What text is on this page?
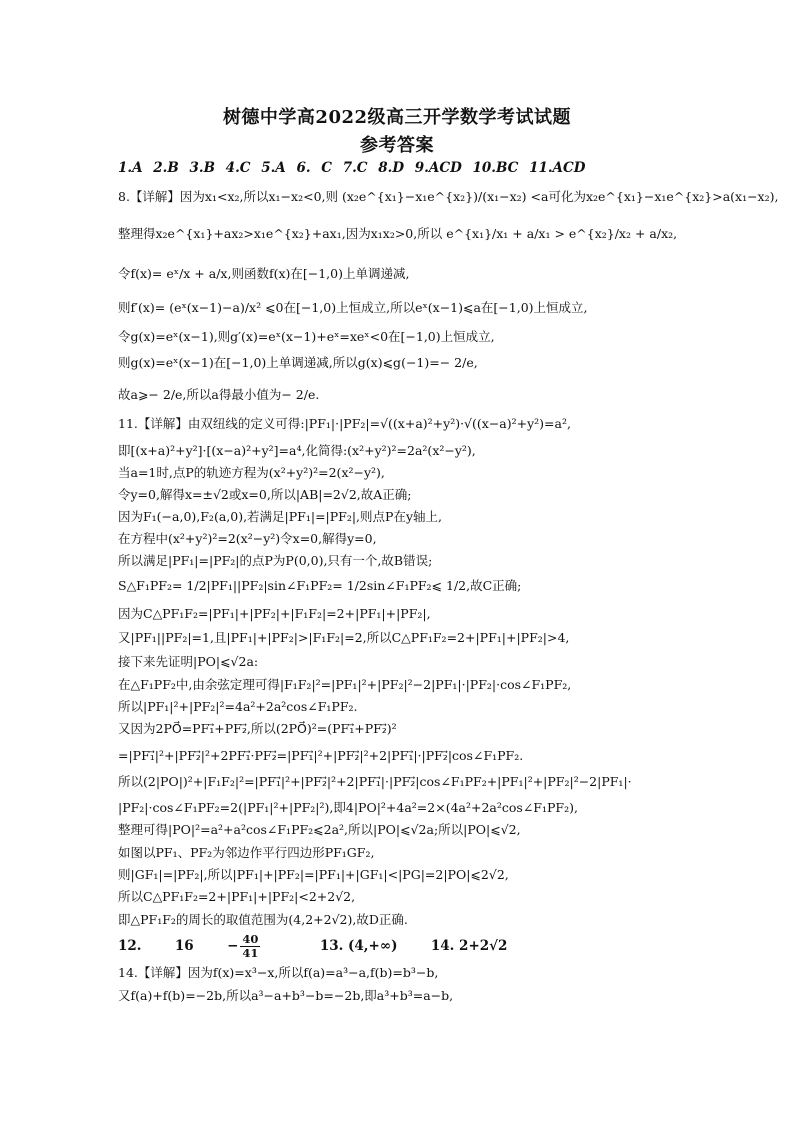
树德中学高2022级高三开学数学考试试题
参考答案
1.A 2.B 3.B 4.C 5.A 6. C 7.C 8.D 9.ACD 10.BC 11.ACD
8.【详解】因为x₁<x₂,所以x₁−x₂<0,则 (x₂e^{x₁}−x₁e^{x₂})/(x₁−x₂) <a可化为x₂e^{x₁}−x₁e^{x₂}>a(x₁−x₂),
整理得x₂e^{x₁}+ax₂>x₁e^{x₂}+ax₁,因为x₁x₂>0,所以 e^{x₁}/x₁ + a/x₁ > e^{x₂}/x₂ + a/x₂,
令f(x)= eˣ/x + a/x,则函数f(x)在[−1,0)上单调递减,
则f′(x)= (eˣ(x−1)−a)/x² ⩽0在[−1,0)上恒成立,所以eˣ(x−1)⩽a在[−1,0)上恒成立,
令g(x)=eˣ(x−1),则g′(x)=eˣ(x−1)+eˣ=xeˣ<0在[−1,0)上恒成立,
则g(x)=eˣ(x−1)在[−1,0)上单调递减,所以g(x)⩽g(−1)=− 2/e,
故a⩾− 2/e,所以a得最小值为− 2/e.
11.【详解】由双纽线的定义可得:|PF₁|·|PF₂|=√((x+a)²+y²)·√((x−a)²+y²)=a²,
即[(x+a)²+y²]·[(x−a)²+y²]=a⁴,化简得:(x²+y²)²=2a²(x²−y²),
当a=1时,点P的轨迹方程为(x²+y²)²=2(x²−y²),
令y=0,解得x=±√2或x=0,所以|AB|=2√2,故A正确;
因为F₁(−a,0),F₂(a,0),若满足|PF₁|=|PF₂|,则点P在y轴上,
在方程中(x²+y²)²=2(x²−y²)令x=0,解得y=0,
所以满足|PF₁|=|PF₂|的点P为P(0,0),只有一个,故B错误;
S△F₁PF₂= 1/2|PF₁||PF₂|sin∠F₁PF₂= 1/2sin∠F₁PF₂⩽ 1/2,故C正确;
因为C△PF₁F₂=|PF₁|+|PF₂|+|F₁F₂|=2+|PF₁|+|PF₂|,
又|PF₁||PF₂|=1,且|PF₁|+|PF₂|>|F₁F₂|=2,所以C△PF₁F₂=2+|PF₁|+|PF₂|>4,
接下来先证明|PO|⩽√2a:
在△F₁PF₂中,由余弦定理可得|F₁F₂|²=|PF₁|²+|PF₂|²−2|PF₁|·|PF₂|·cos∠F₁PF₂,
所以|PF₁|²+|PF₂|²=4a²+2a²cos∠F₁PF₂.
又因为2PO⃗=PF₁⃗+PF₂⃗,所以(2PO⃗)²=(PF₁⃗+PF₂⃗)²
=|PF₁⃗|²+|PF₂⃗|²+2PF₁⃗·PF₂⃗=|PF₁⃗|²+|PF₂⃗|²+2|PF₁⃗|·|PF₂⃗|cos∠F₁PF₂.
所以(2|PO|)²+|F₁F₂|²=|PF₁⃗|²+|PF₂⃗|²+2|PF₁⃗|·|PF₂⃗|cos∠F₁PF₂+|PF₁|²+|PF₂|²−2|PF₁|·
|PF₂|·cos∠F₁PF₂=2(|PF₁|²+|PF₂|²),即4|PO|²+4a²=2×(4a²+2a²cos∠F₁PF₂),
整理可得|PO|²=a²+a²cos∠F₁PF₂⩽2a²,所以|PO|⩽√2a;所以|PO|⩽√2,
如图以PF₁、PF₂为邻边作平行四边形PF₁GF₂,
则|GF₁|=|PF₂|,所以|PF₁|+|PF₂|=|PF₁|+|GF₁|<|PG|=2|PO|⩽2√2,
所以C△PF₁F₂=2+|PF₁|+|PF₂|<2+2√2,
即△PF₁F₂的周长的取值范围为(4,2+2√2),故D正确.
12. $16 - \frac{40}{41}$	13. (4,+∞) 14. 2+2√2
14.【详解】因为f(x)=x³−x,所以f(a)=a³−a,f(b)=b³−b,
又f(a)+f(b)=−2b,所以a³−a+b³−b=−2b,即a³+b³=a−b,
